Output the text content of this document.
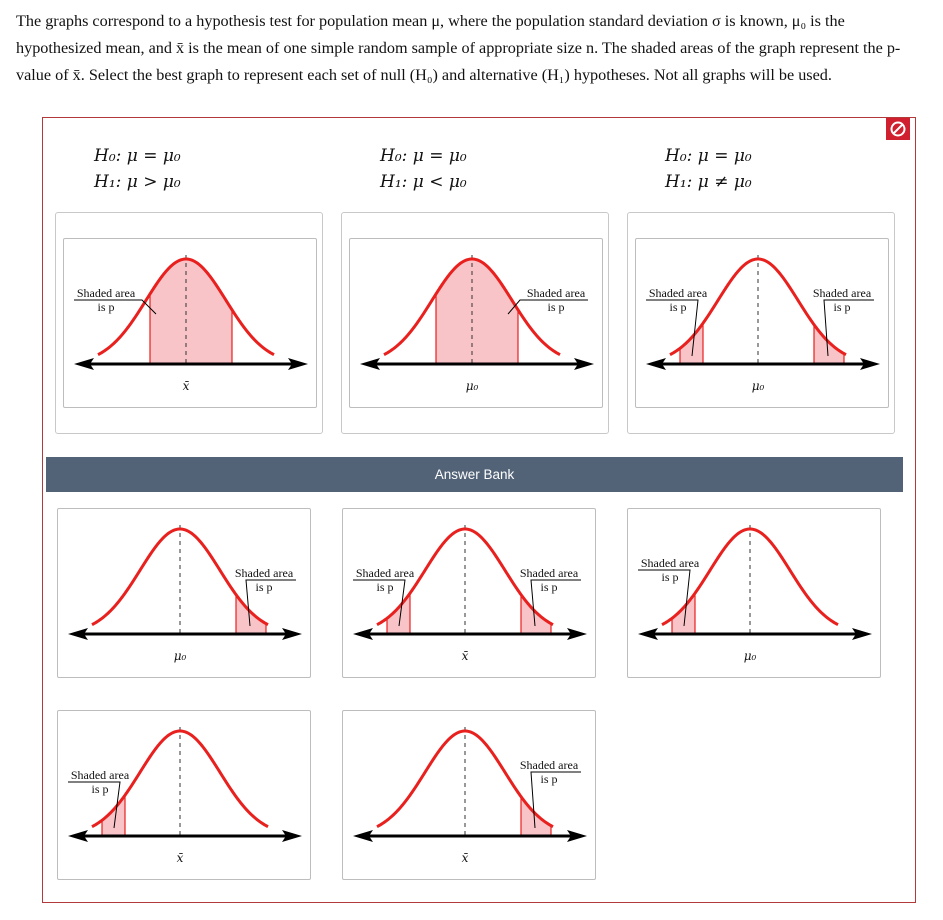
The graphs correspond to a hypothesis test for population mean μ, where the population standard deviation σ is known, μ₀ is the hypothesized mean, and x̄ is the mean of one simple random sample of appropriate size n. The shaded areas of the graph represent the p-value of x̄. Select the best graph to represent each set of null (H₀) and alternative (H₁) hypotheses. Not all graphs will be used.
H₀: μ = μ₀
H₁: μ > μ₀
H₀: μ = μ₀
H₁: μ < μ₀
H₀: μ = μ₀
H₁: μ ≠ μ₀
x̄
Shaded area
is p
μ₀
Shaded area
is p
μ₀
Shaded area
is p
Shaded area
is p
Answer Bank
μ₀
Shaded area
is p
x̄
Shaded area
is p
Shaded area
is p
μ₀
Shaded area
is p
x̄
Shaded area
is p
x̄
Shaded area
is p
